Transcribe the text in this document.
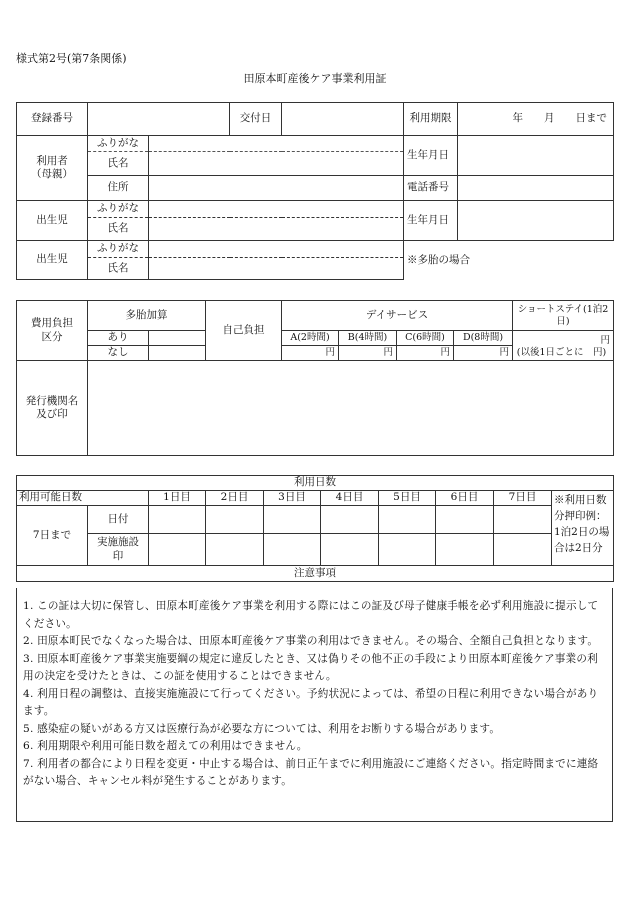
様式第2号(第7条関係)
田原本町産後ケア事業利用証
登録番号			交付日		利用期限	年　　月　　日まで
利用者
（母親）	ふりがな				生年月日	
	氏名					
	住所				電話番号	
出生児	ふりがな				生年月日	
	氏名					
出生児	ふりがな				※多胎の場合	
	氏名					
費用負担
区分	多胎加算		自己負担	デイサービス				ショートステイ(1泊2日)
	あり			A(2時間)	B(4時間)	C(6時間)	D(8時間)	円
(以後1日ごとに　円)

	なし			円	円	円	円	
発行機関名
及び印								
利用日数									
利用可能日数		1日目	2日目	3日目	4日目	5日目	6日目	7日目	※利用日数分押印例：1泊2日の場合は2日分
7日まで	日付								
	実施施設
印								
注意事項									

1. この証は大切に保管し、田原本町産後ケア事業を利用する際にはこの証及び母子健康手帳を必ず利用施設に提示してください。

2. 田原本町民でなくなった場合は、田原本町産後ケア事業の利用はできません。その場合、全額自己負担となります。

3. 田原本町産後ケア事業実施要綱の規定に違反したとき、又は偽りその他不正の手段により田原本町産後ケア事業の利用の決定を受けたときは、この証を使用することはできません。

4. 利用日程の調整は、直接実施施設にて行ってください。予約状況によっては、希望の日程に利用できない場合があります。

5. 感染症の疑いがある方又は医療行為が必要な方については、利用をお断りする場合があります。

6. 利用期限や利用可能日数を超えての利用はできません。

7. 利用者の都合により日程を変更・中止する場合は、前日正午までに利用施設にご連絡ください。指定時間までに連絡がない場合、キャンセル料が発生することがあります。
